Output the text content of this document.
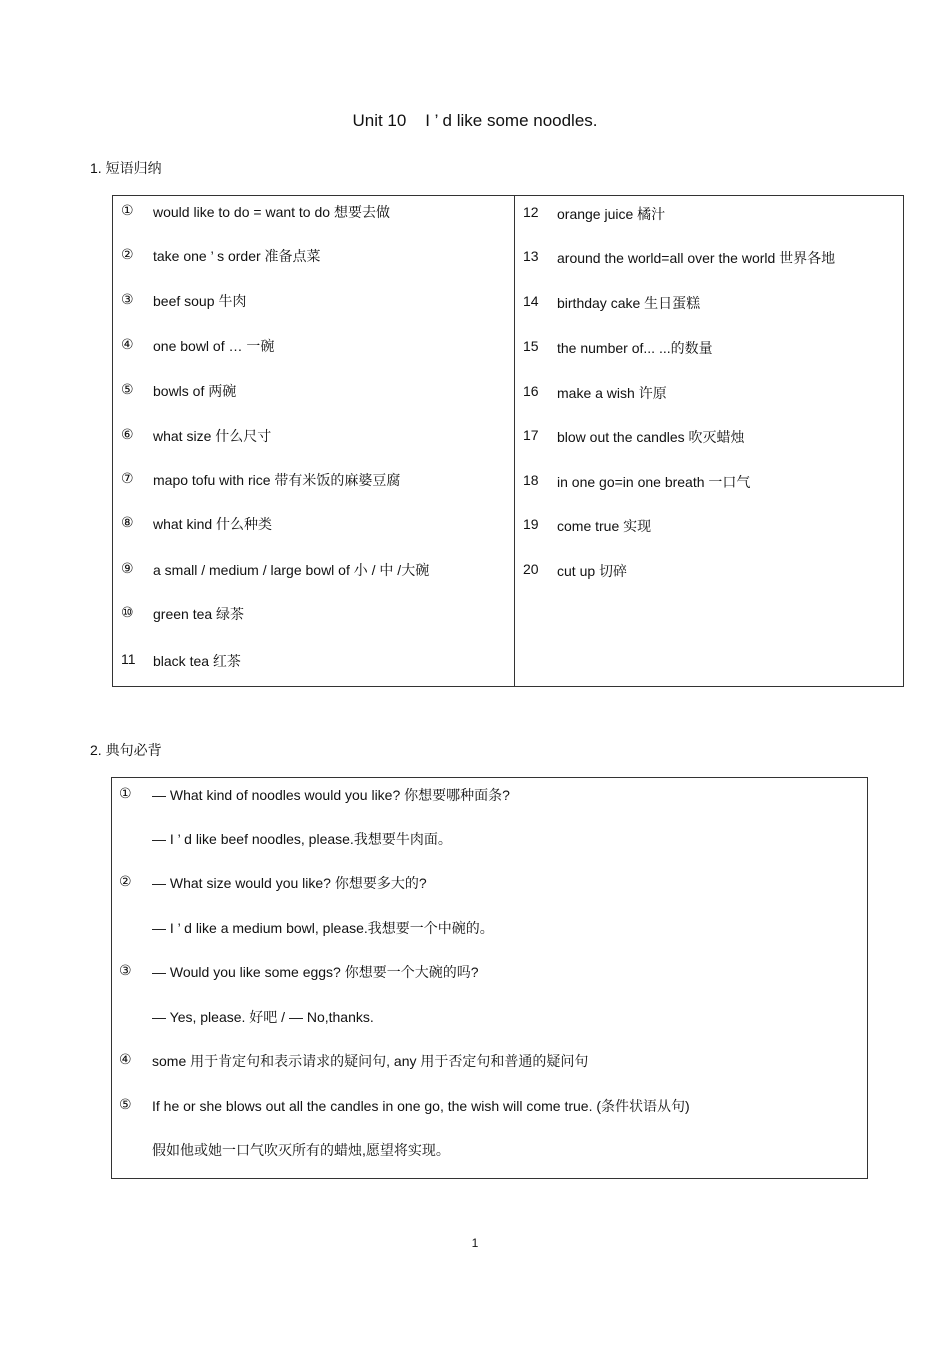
Unit 10    I ’ d like some noodles.
1. 短语归纳
①	would like to do = want to do 想要去做
②	take one ’ s order 准备点菜
③	beef soup 牛肉
④	one bowl of … 一碗
⑤	bowls of 两碗
⑥	what size 什么尺寸
⑦	mapo tofu with rice 带有米饭的麻婆豆腐
⑧	what kind 什么种类
⑨	a small / medium / large bowl of 小 / 中 /大碗
⑩	green tea 绿茶
11	black tea 红茶
12	orange juice 橘汁
13	around the world=all over the world 世界各地
14	birthday cake 生日蛋糕
15	the number of... ...的数量
16	make a wish 许原
17	blow out the candles 吹灭蜡烛
18	in one go=in one breath 一口气
19	come true 实现
20	cut up 切碎
2. 典句必背
① — What kind of noodles would you like? 你想要哪种面条?
— I ’ d like beef noodles, please.我想要牛肉面。
② — What size would you like? 你想要多大的?
— I ’ d like a medium bowl, please.我想要一个中碗的。
③ — Would you like some eggs? 你想要一个大碗的吗?
— Yes, please. 好吧 / — No,thanks.
④ some 用于肯定句和表示请求的疑问句, any 用于否定句和普通的疑问句
⑤ If he or she blows out all the candles in one go, the wish will come true. (条件状语从句)
假如他或她一口气吹灭所有的蜡烛,愿望将实现。
1
